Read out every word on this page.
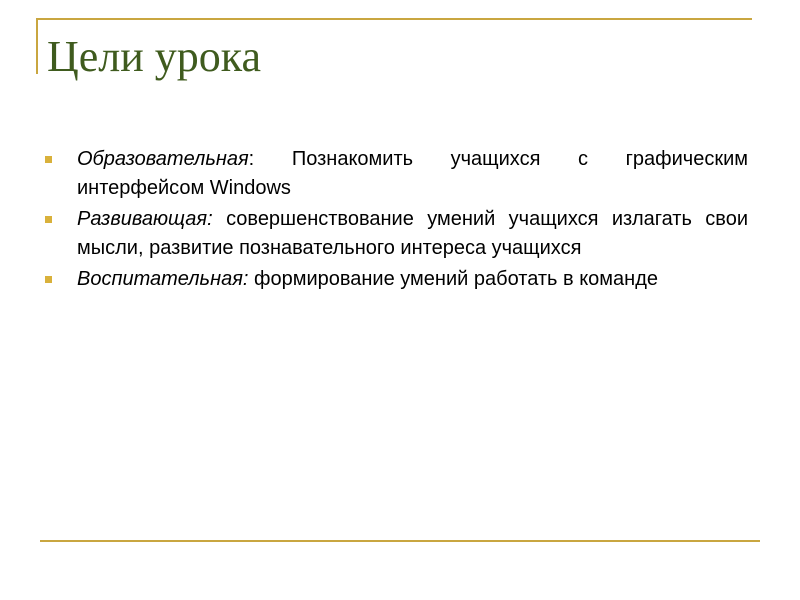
Цели урока
Образовательная: Познакомить учащихся с графическим интерфейсом Windows
Развивающая: совершенствование умений учащихся излагать свои мысли, развитие познавательного интереса учащихся
Воспитательная: формирование умений работать в команде
